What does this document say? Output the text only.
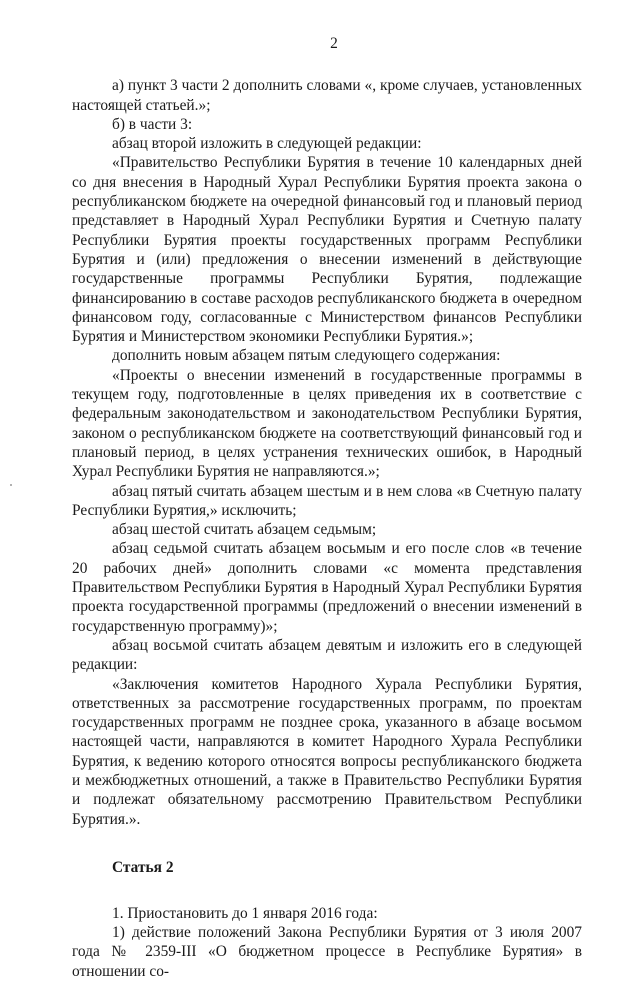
2

а) пункт 3 части 2 дополнить словами «, кроме случаев, установленных настоящей статьей.»;

б) в части 3:

абзац второй изложить в следующей редакции:

«Правительство Республики Бурятия в течение 10 календарных дней со дня внесения в Народный Хурал Республики Бурятия проекта закона о республиканском бюджете на очередной финансовый год и плановый период представляет в Народный Хурал Республики Бурятия и Счетную палату Республики Бурятия проекты государственных программ Республики Бурятия и (или) предложения о внесении изменений в действующие государственные программы Республики Бурятия, подлежащие финансированию в составе расходов республиканского бюджета в очередном финансовом году, согласованные с Министерством финансов Республики Бурятия и Министерством экономики Республики Бурятия.»;

дополнить новым абзацем пятым следующего содержания:

«Проекты о внесении изменений в государственные программы в текущем году, подготовленные в целях приведения их в соответствие с федеральным законодательством и законодательством Республики Бурятия, законом о республиканском бюджете на соответствующий финансовый год и плановый период, в целях устранения технических ошибок, в Народный Хурал Республики Бурятия не направляются.»;

абзац пятый считать абзацем шестым и в нем слова «в Счетную палату Республики Бурятия,» исключить;

абзац шестой считать абзацем седьмым;

абзац седьмой считать абзацем восьмым и его после слов «в течение 20 рабочих дней» дополнить словами «с момента представления Правительством Республики Бурятия в Народный Хурал Республики Бурятия проекта государственной программы (предложений о внесении изменений в государственную программу)»;

абзац восьмой считать абзацем девятым и изложить его в следующей редакции:

«Заключения комитетов Народного Хурала Республики Бурятия, ответственных за рассмотрение государственных программ, по проектам государственных программ не позднее срока, указанного в абзаце восьмом настоящей части, направляются в комитет Народного Хурала Республики Бурятия, к ведению которого относятся вопросы республиканского бюджета и межбюджетных отношений, а также в Правительство Республики Бурятия и подлежат обязательному рассмотрению Правительством Республики Бурятия.».

Статья 2

1. Приостановить до 1 января 2016 года:

1) действие положений Закона Республики Бурятия от 3 июля 2007 года № 2359-III «О бюджетном процессе в Республике Бурятия» в отношении со-
